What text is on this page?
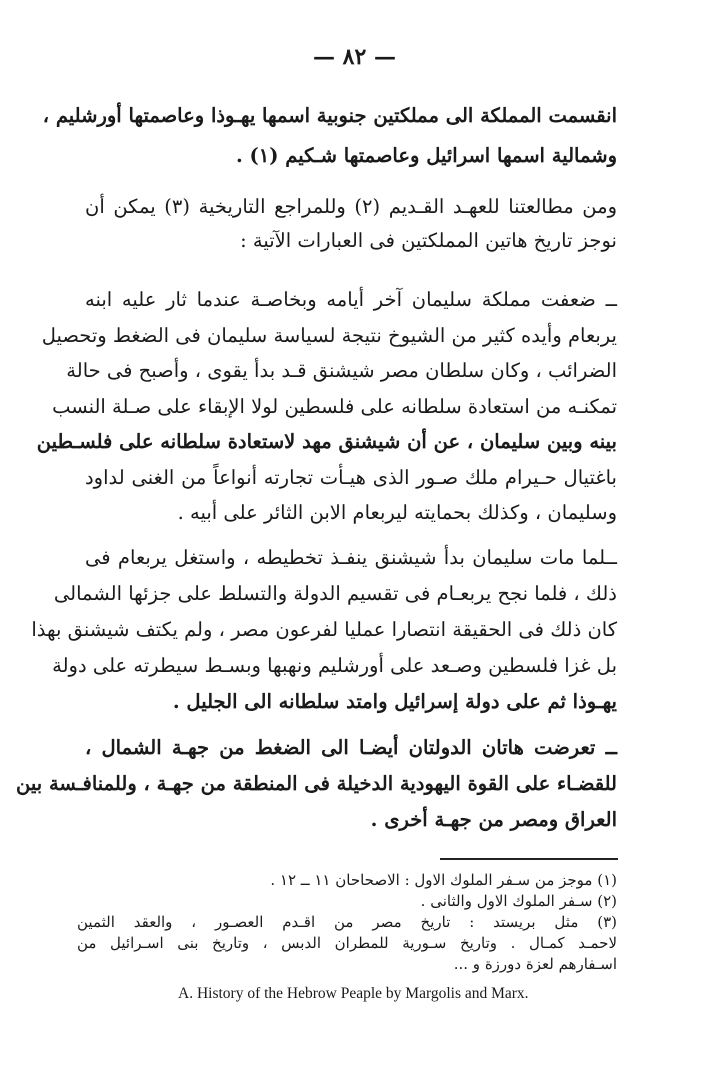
— ٨٢ —
انقسمت المملكة الى مملكتين جنوبية اسمها يهـوذا وعاصمتها أورشليم ،
وشمالية اسمها اسرائيل وعاصمتها شـكيم (١) .
ومن مطالعتنا للعهـد القـديم (٢) وللمراجع التاريخية (٣) يمكن أن
نوجز تاريخ هاتين المملكتين فى العبارات الآتية :
ــ ضعفت مملكة سليمان آخر أيامه وبخاصـة عندما ثار عليه ابنه
يربعام وأيده كثير من الشيوخ نتيجة لسياسة سليمان فى الضغط وتحصيل
الضرائب ، وكان سلطان مصر شيشنق قـد بدأ يقوى ، وأصبح فى حالة
تمكنـه من استعادة سلطانه على فلسطين لولا الإبقاء على صـلة النسب
بينه وبين سليمان ، عن أن شيشنق مهد لاستعادة سلطانه على فلسـطين
باغتيال حـيرام ملك صـور الذى هيـأت تجارته أنواعاً من الغنى لداود
وسليمان ، وكذلك بحمايته ليربعام الابن الثائر على أبيه .
ــلما مات سليمان بدأ شيشنق ينفـذ تخطيطه ، واستغل يربعام فى
ذلك ، فلما نجح يربعـام فى تقسيم الدولة والتسلط على جزئها الشمالى
كان ذلك فى الحقيقة انتصارا عمليا لفرعون مصر ، ولم يكتف شيشنق بهذا
بل غزا فلسطين وصـعد على أورشليم ونهبها وبسـط سيطرته على دولة
يهـوذا ثم على دولة إسرائيل وامتد سلطانه الى الجليل .
ــ تعرضت هاتان الدولتان أيضـا الى الضغط من جهـة الشمال ،
للقضـاء على القوة اليهودية الدخيلة فى المنطقة من جهـة ، وللمنافـسة بين
العراق ومصر من جهـة أخرى .
(١) موجز من سـفر الملوك الاول : الاصحاحان ١١ ــ ١٢ .
(٢) سـفر الملوك الاول والثانى .
(٣) مثل بريستد : تاريخ مصر من اقـدم العصـور ، والعقد الثمين
لاحمـد كمـال . وتاريخ سـورية للمطران الدبس ، وتاريخ بنى اسـرائيل من
اسـفارهم لعزة دورزة و ...
A. History of the Hebrow Peaple by Margolis and Marx.
